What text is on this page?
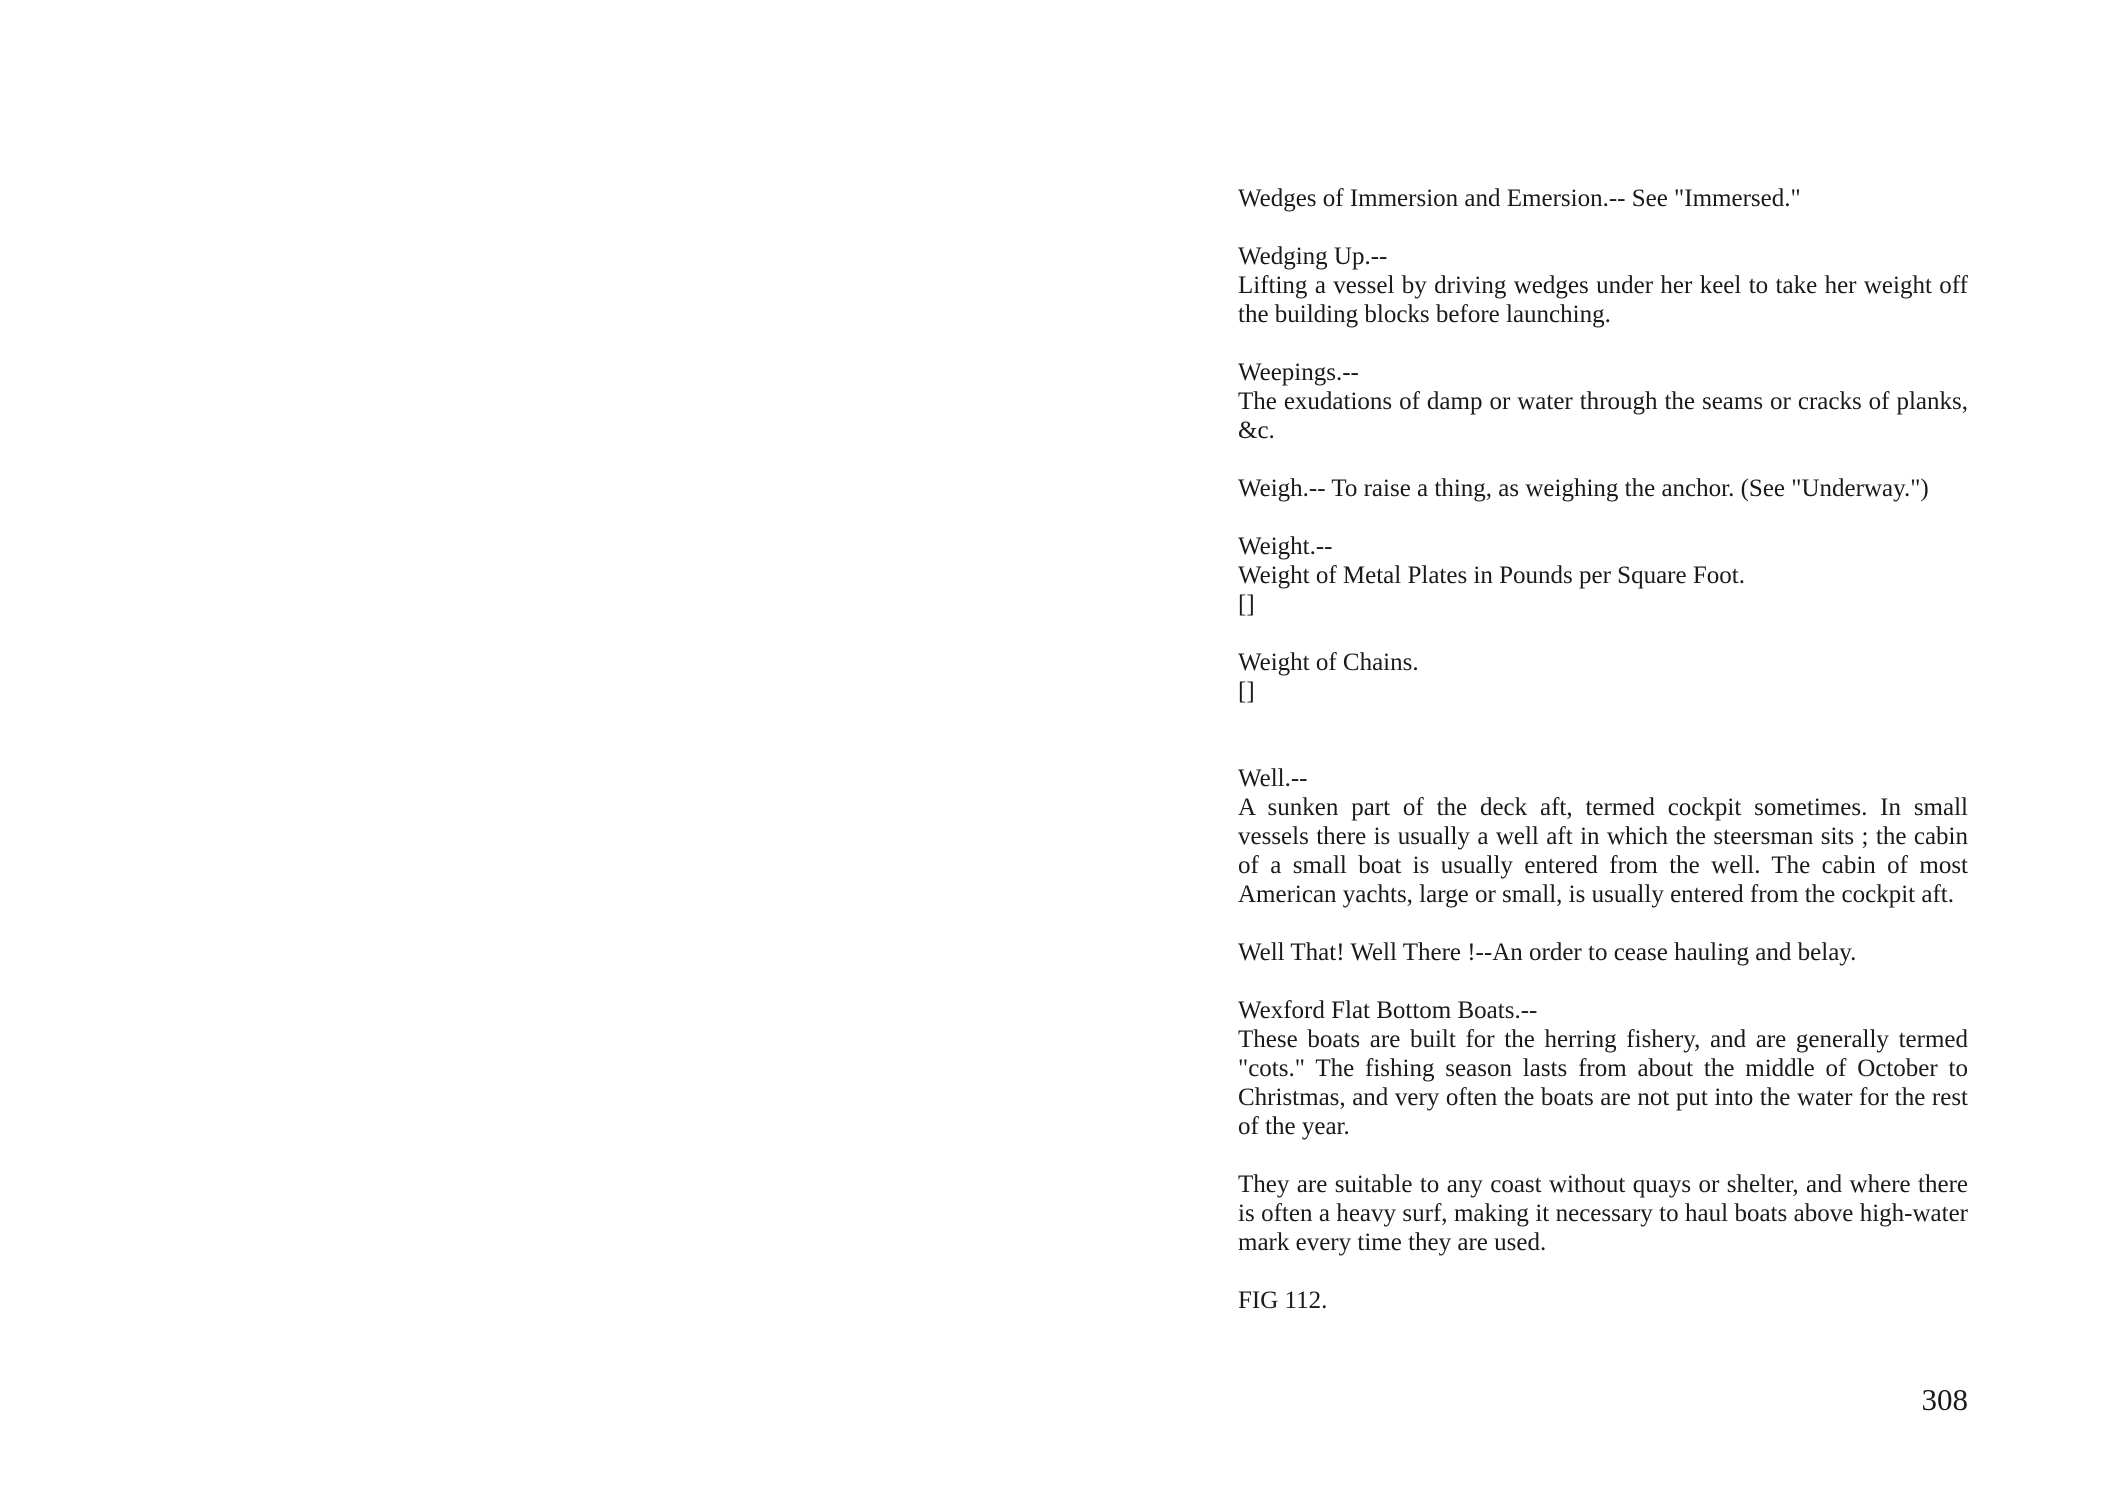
Wedges of Immersion and Emersion.-- See "Immersed."

Wedging Up.--

Lifting a vessel by driving wedges under her keel to take her weight off the building blocks before launching.

Weepings.--

The exudations of damp or water through the seams or cracks of planks, &c.

Weigh.-- To raise a thing, as weighing the anchor. (See "Underway.")

Weight.--

Weight of Metal Plates in Pounds per Square Foot.

[]

Weight of Chains.

[]

Well.--

A sunken part of the deck aft, termed cockpit sometimes. In small vessels there is usually a well aft in which the steersman sits ; the cabin of a small boat is usually entered from the well. The cabin of most American yachts, large or small, is usually entered from the cockpit aft.

Well That! Well There !--An order to cease hauling and belay.

Wexford Flat Bottom Boats.--

These boats are built for the herring fishery, and are generally termed "cots." The fishing season lasts from about the middle of October to Christmas, and very often the boats are not put into the water for the rest of the year.

They are suitable to any coast without quays or shelter, and where there is often a heavy surf, making it necessary to haul boats above high-water mark every time they are used.

FIG 112.

308
